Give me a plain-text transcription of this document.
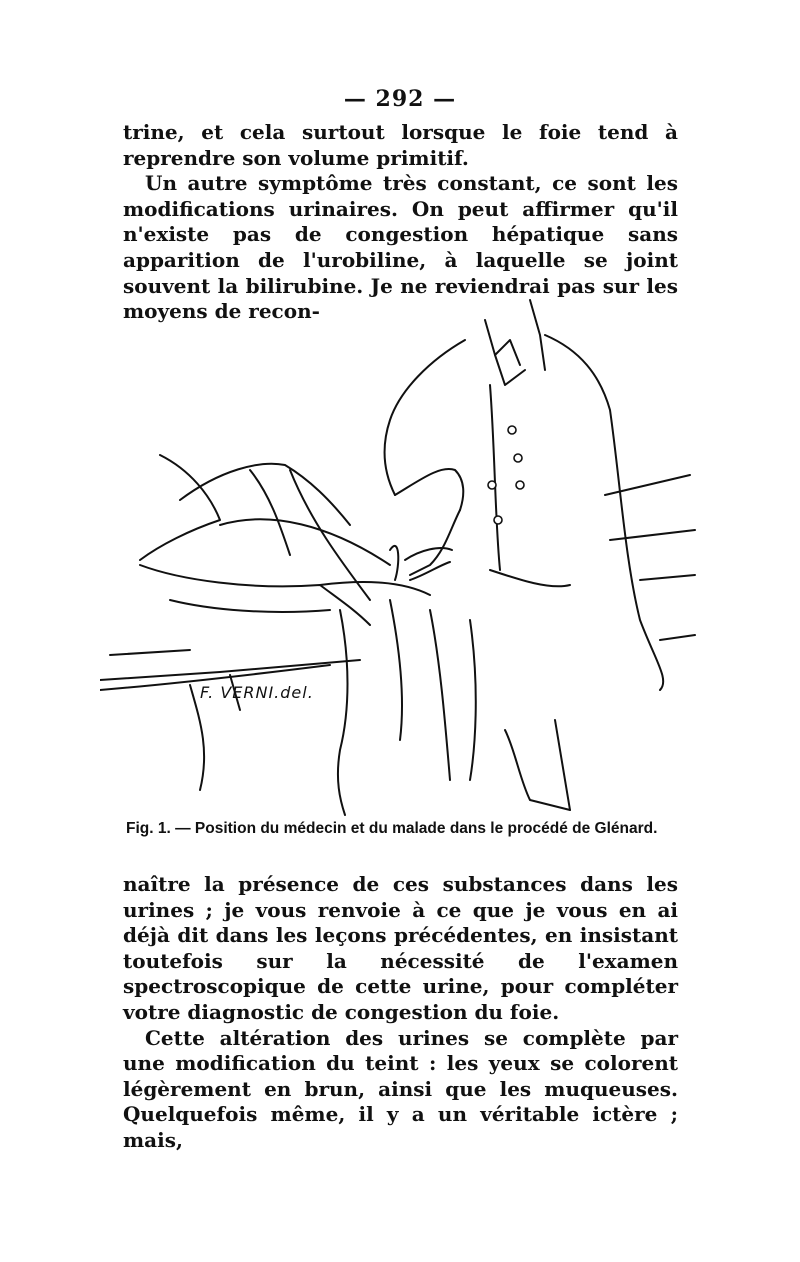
— 292 —

trine, et cela surtout lorsque le foie tend à reprendre son volume primitif.

Un autre symptôme très constant, ce sont les modifications urinaires. On peut affirmer qu'il n'existe pas de congestion hépatique sans apparition de l'urobiline, à laquelle se joint souvent la bilirubine. Je ne reviendrai pas sur les moyens de recon-

F. VERNI.del.
Fig. 1. — Position du médecin et du malade dans le procédé de Glénard.

naître la présence de ces substances dans les urines ; je vous renvoie à ce que je vous en ai déjà dit dans les leçons précédentes, en insistant toutefois sur la nécessité de l'examen spectroscopique de cette urine, pour compléter votre diagnostic de congestion du foie.

Cette altération des urines se complète par une modification du teint : les yeux se colorent légèrement en brun, ainsi que les muqueuses. Quelquefois même, il y a un véritable ictère ; mais,
